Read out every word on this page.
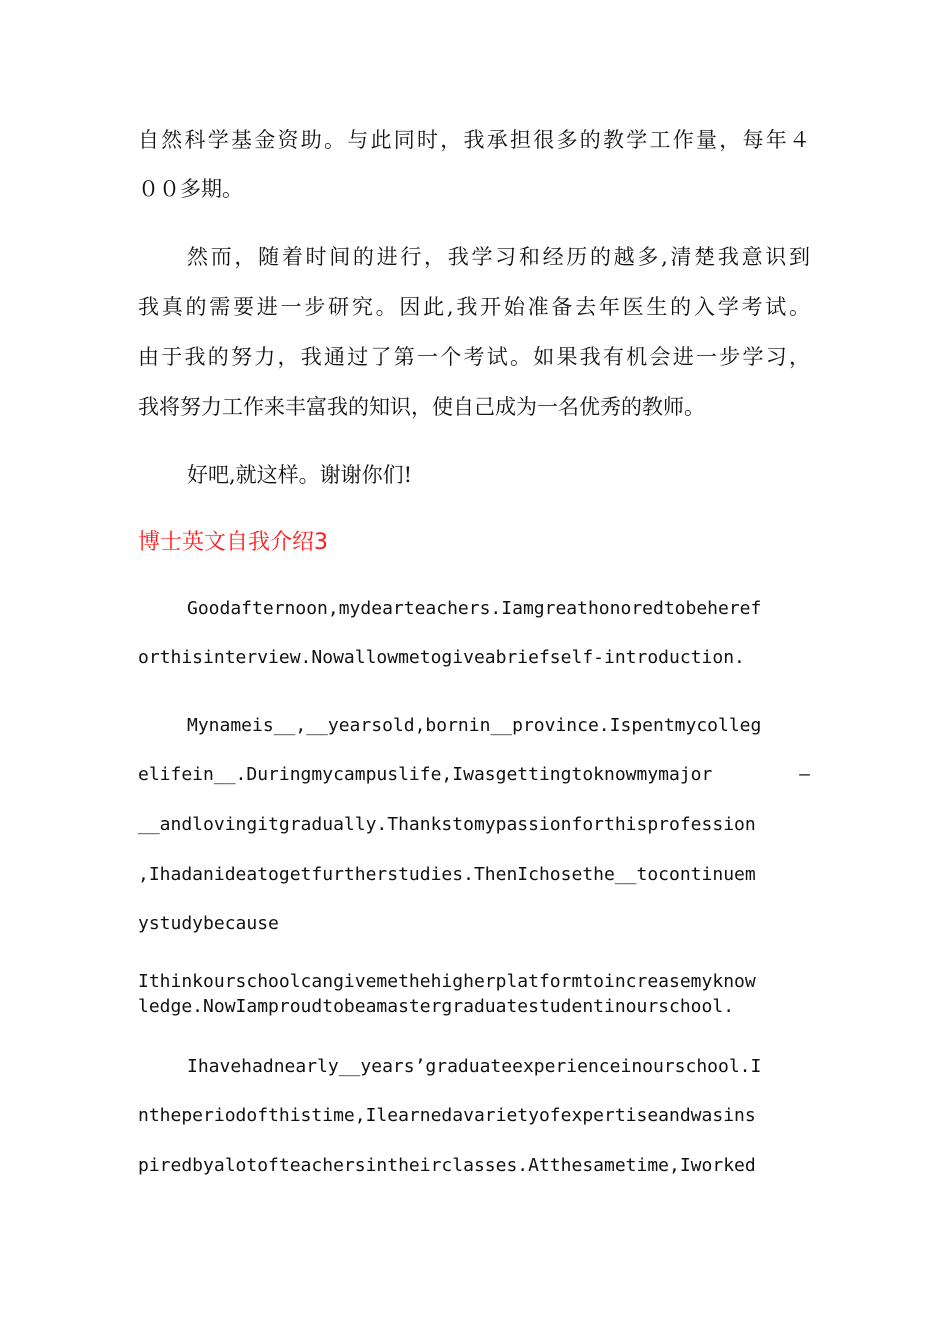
自然科学基金资助。与此同时，我承担很多的教学工作量，每年４
００多期。
然而，随着时间的进行，我学习和经历的越多,清楚我意识到
我真的需要进一步研究。因此,我开始准备去年医生的入学考试。
由于我的努力，我通过了第一个考试。如果我有机会进一步学习，
我将努力工作来丰富我的知识，使自己成为一名优秀的教师。
好吧,就这样。谢谢你们!
博士英文自我介绍3
Goodafternoon,mydearteachers.Iamgreathonoredtobeheref
orthisinterview.Nowallowmetogiveabriefself-introduction.
Mynameis__,__yearsold,bornin__province.Ispentmycolleg
elifein__.Duringmycampuslife,Iwasgettingtoknowmymajor　—
__andlovingitgradually.Thankstomypassionforthisprofession
,Ihadanideatogetfurtherstudies.ThenIchosethe__tocontinuem
ystudybecause
Ithinkourschoolcangivemethehigherplatformtoincreasemyknow
ledge.NowIamproudtobeamastergraduatestudentinourschool.
Ihavehadnearly__years’graduateexperienceinourschool.I
ntheperiodofthistime,Ilearnedavarietyofexpertiseandwasins
piredbyalotofteachersintheirclasses.Atthesametime,Iworked
